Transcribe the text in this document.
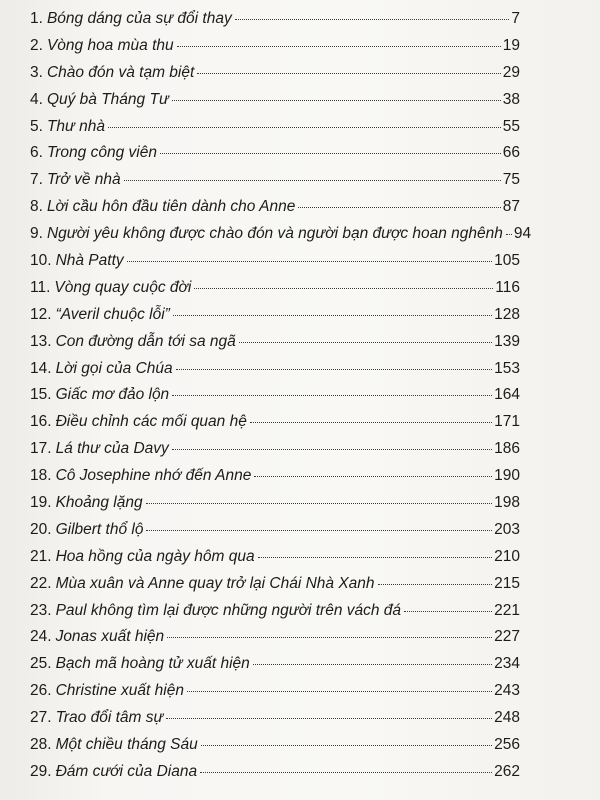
1. Bóng dáng của sự đổi thay	7
2. Vòng hoa mùa thu	19
3. Chào đón và tạm biệt	29
4. Quý bà Tháng Tư	38
5. Thư nhà	55
6. Trong công viên	66
7. Trở về nhà	75
8. Lời cầu hôn đầu tiên dành cho Anne	87
9. Người yêu không được chào đón và người bạn được hoan nghênh 94
10. Nhà Patty	105
11. Vòng quay cuộc đời	116
12. “Averil chuộc lỗi”	128
13. Con đường dẫn tới sa ngã	139
14. Lời gọi của Chúa	153
15. Giấc mơ đảo lộn	164
16. Điều chỉnh các mối quan hệ	171
17. Lá thư của Davy	186
18. Cô Josephine nhớ đến Anne	190
19. Khoảng lặng	198
20. Gilbert thổ lộ	203
21. Hoa hồng của ngày hôm qua	210
22. Mùa xuân và Anne quay trở lại Chái Nhà Xanh	215
23. Paul không tìm lại được những người trên vách đá	221
24. Jonas xuất hiện	227
25. Bạch mã hoàng tử xuất hiện	234
26. Christine xuất hiện	243
27. Trao đổi tâm sự	248
28. Một chiều tháng Sáu	256
29. Đám cưới của Diana	262
